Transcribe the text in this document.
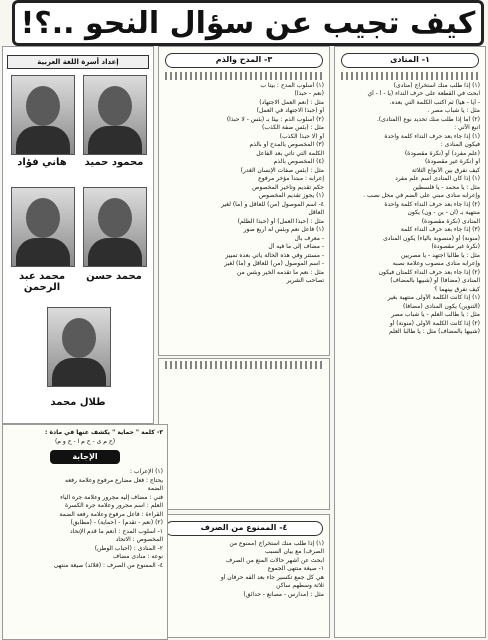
كيف تجيب عن سؤال النحو ..؟!
١- المنادى

(١) إذا طلب منك استخراج (منادى)

ابحث في القطعة على حرف النداء (يا - أ - أي

- أيا - هيا) ثم اكتب الكلمة التي بعده.

مثل : يا شباب مصر .

(٢) أما إذا طلب منك تحديد نوع (المنادى).

اتبع الآتي :

(١) إذا جاء بعد حرف النداء كلمة واحدة

فيكون المنادى :

(علم مفرد) أو (نكرة مقصودة)

أو (نكرة غير مقصودة)

كيف نفرق بين الأنواع الثلاثة

(١) إذا كان المنادى اسم علم مفرد

مثل : يا محمد - يا فلسطين

وإعرابه منادى مبني على الضم في محل نصب .

(٢) إذا جاء بعد حرف النداء كلمة واحدة

منتهية بـ (ان - ين - ون) يكون

المنادى (نكرة مقصودة)

(٣) إذا جاء بعد حرف النداء كلمة

(منونة) أو (منصوبة بالياء) يكون المنادى

(نكرة غير مقصودة)

مثل : يا طالبا اجتهد - يا مصريين

وإعرابه منادى منصوب وعلامة نصبه

(٢) إذا جاء بعد حرف النداء كلمتان فيكون

المنادى (مضافا) أو (شبيها بالمضاف)

كيف نفرق بينهما ؟

(١) إذا كانت الكلمة الأولى منتهية بغير

(التنوين) يكون المنادى (مضافا)

مثل : يا طالب العلم - يا شباب مصر

(٢) إذا كانت الكلمة الأولى (منونة) أو

(شبيها بالمضاف) مثل : يا طالبا العلم

٣- المدح والذم

(١) أسلوب المدح : بيتا ب

(نعم - حبذا)

مثل : (نعم العمل الاجتهاد)

أو (حبذا الاجتهاد في العمل)

(٢) أسلوب الذم : بيئا بـ (بئس - لا حبذا)

مثل : (بئس صفة الكذب)

أو (لا حبذا الكذب)

(٣) المخصوص بالمدح أو بالذم

الكلمة التي تأتي بعد الفاعل

(٤) المخصوص بالذم

مثل : (بئس صفات الإنسان الغدر)

إعرابه : مبتدأ مؤخر مرفوع

حكم تقديم وتأخير المخصوص

(١) يجوز تقديم المخصوص

٤- اسم الموصول (من) للعاقل و (ما) لغير

العاقل

مثل : (حبذا العمل) أو (حبذا الظلم)

(١) فاعل نعم وبئس له أربع صور

- معرف بال

- مضاف إلى ما فيه أل

- مستتر وفي هذه الحالة يأتي بعده تمييز

- اسم الموصول (من) للعاقل و (ما) لغير

مثل : نعم ما تقدمه الخير وبئس من

تصاحب الشرير

٤- الممنوع من الصرف

(١) إذا طلب منك استخراج (ممنوع من

الصرف) مع بيان السبب

ابحث عن أشهر حالات المنع من الصرف

١- صيغة منتهى الجموع

هي كل جمع تكسير جاء بعد ألفه حرفان أو

ثلاثة وسطهم ساكن

مثل : (مدارس - مصانع - حدائق)

إعداد أسرة اللغة العربية
محمود حميد
هاني فؤاد
محمد حسن
محمد عبد الرحمن
طلال محمد

٣- كلمة " حماية " يكشف عنها في مادة :

(ح م ى - ح م ا - ح و م)

الإجابة

(١) الإعراب :

يحتاج : فعل مضارع مرفوع وعلامة رفعه

الضمة

فني : مضاف إليه مجرور وعلامة جره الياء

العلم : اسم مجرور وعلامة جره الكسرة

القراءة : فاعل مرفوع وعلامة رفعه الضمة

(٢) (نعم - تقدم) - (حماية) - (مطابق)

١- أسلوب المدح : (نعم ما قدم الإتحاد

المخصوص : الاتحاد

٢- المنادى : (أحباب الوطن)

نوعه : منادى مضاف

٤- الممنوع من الصرف : (قلائد) صيغة منتهى
